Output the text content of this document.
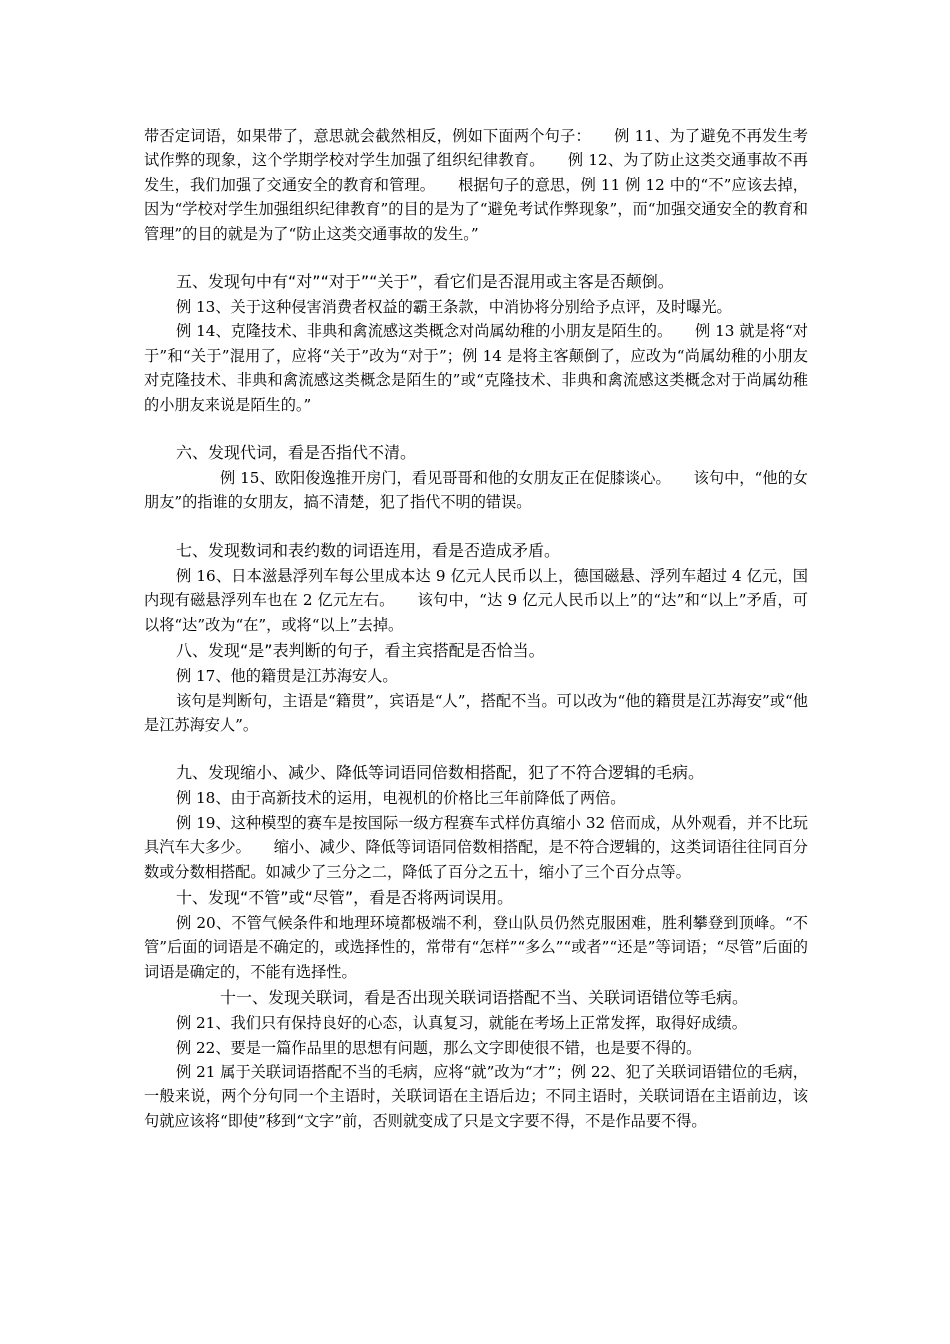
带否定词语，如果带了，意思就会截然相反，例如下面两个句子：　　例 11、为了避免不再发生考试作弊的现象，这个学期学校对学生加强了组织纪律教育。　　例 12、为了防止这类交通事故不再发生，我们加强了交通安全的教育和管理。　　根据句子的意思，例 11 例 12 中的“不”应该去掉，因为“学校对学生加强组织纪律教育”的目的是为了“避免考试作弊现象”，而“加强交通安全的教育和管理”的目的就是为了“防止这类交通事故的发生。”

五、发现句中有“对”“对于”“关于”，看它们是否混用或主客是否颠倒。

例 13、关于这种侵害消费者权益的霸王条款，中消协将分别给予点评，及时曝光。

例 14、克隆技术、非典和禽流感这类概念对尚属幼稚的小朋友是陌生的。　　例 13 就是将“对于”和“关于”混用了，应将“关于”改为“对于”；例 14 是将主客颠倒了，应改为“尚属幼稚的小朋友对克隆技术、非典和禽流感这类概念是陌生的”或“克隆技术、非典和禽流感这类概念对于尚属幼稚的小朋友来说是陌生的。”

六、发现代词，看是否指代不清。

例 15、欧阳俊逸推开房门，看见哥哥和他的女朋友正在促膝谈心。　　该句中，“他的女朋友”的指谁的女朋友，搞不清楚，犯了指代不明的错误。

七、发现数词和表约数的词语连用，看是否造成矛盾。

例 16、日本滋悬浮列车每公里成本达 9 亿元人民币以上，德国磁悬、浮列车超过 4 亿元，国内现有磁悬浮列车也在 2 亿元左右。　　该句中，“达 9 亿元人民币以上”的“达”和“以上”矛盾，可以将“达”改为“在”，或将“以上”去掉。

八、发现“是”表判断的句子，看主宾搭配是否恰当。

例 17、他的籍贯是江苏海安人。

该句是判断句，主语是“籍贯”，宾语是“人”，搭配不当。可以改为“他的籍贯是江苏海安”或“他是江苏海安人”。

九、发现缩小、减少、降低等词语同倍数相搭配，犯了不符合逻辑的毛病。

例 18、由于高新技术的运用，电视机的价格比三年前降低了两倍。

例 19、这种模型的赛车是按国际一级方程赛车式样仿真缩小 32 倍而成，从外观看，并不比玩具汽车大多少。　　缩小、减少、降低等词语同倍数相搭配，是不符合逻辑的，这类词语往往同百分数或分数相搭配。如减少了三分之二，降低了百分之五十，缩小了三个百分点等。

十、发现“不管”或“尽管”，看是否将两词误用。

例 20、不管气候条件和地理环境都极端不利，登山队员仍然克服困难，胜利攀登到顶峰。“不管”后面的词语是不确定的，或选择性的，常带有“怎样”“多么”“或者”“还是”等词语；“尽管”后面的词语是确定的，不能有选择性。

十一、发现关联词，看是否出现关联词语搭配不当、关联词语错位等毛病。

例 21、我们只有保持良好的心态，认真复习，就能在考场上正常发挥，取得好成绩。

例 22、要是一篇作品里的思想有问题，那么文字即使很不错，也是要不得的。

例 21 属于关联词语搭配不当的毛病，应将“就”改为“才”；例 22、犯了关联词语错位的毛病，一般来说，两个分句同一个主语时，关联词语在主语后边；不同主语时，关联词语在主语前边，该句就应该将“即使”移到“文字”前，否则就变成了只是文字要不得，不是作品要不得。
